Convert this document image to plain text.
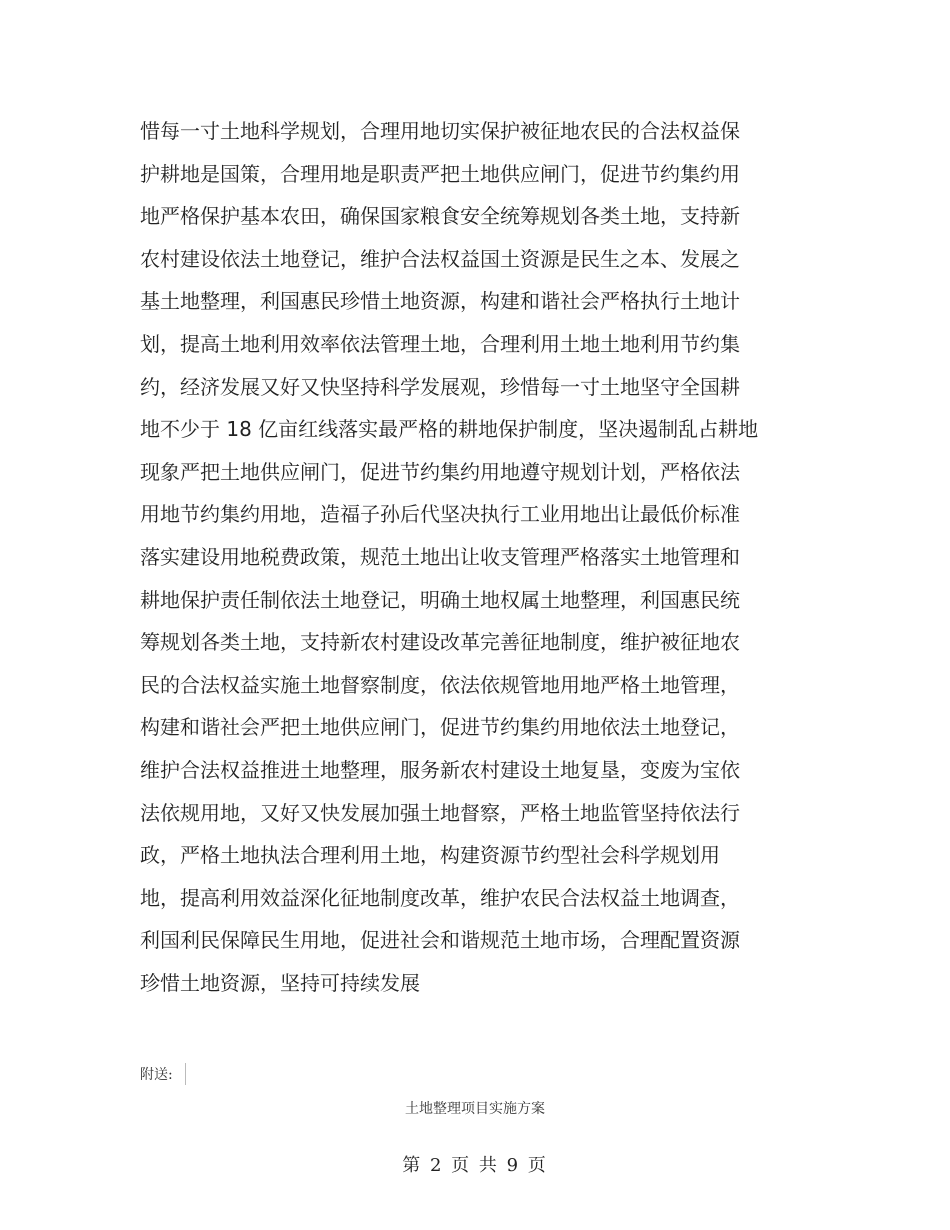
惜每一寸土地科学规划，合理用地切实保护被征地农民的合法权益保
护耕地是国策，合理用地是职责严把土地供应闸门，促进节约集约用
地严格保护基本农田，确保国家粮食安全统筹规划各类土地，支持新
农村建设依法土地登记，维护合法权益国土资源是民生之本、发展之
基土地整理，利国惠民珍惜土地资源，构建和谐社会严格执行土地计
划，提高土地利用效率依法管理土地，合理利用土地土地利用节约集
约，经济发展又好又快坚持科学发展观，珍惜每一寸土地坚守全国耕
地不少于 18 亿亩红线落实最严格的耕地保护制度，坚决遏制乱占耕地
现象严把土地供应闸门，促进节约集约用地遵守规划计划，严格依法
用地节约集约用地，造福子孙后代坚决执行工业用地出让最低价标准
落实建设用地税费政策，规范土地出让收支管理严格落实土地管理和
耕地保护责任制依法土地登记，明确土地权属土地整理，利国惠民统
筹规划各类土地，支持新农村建设改革完善征地制度，维护被征地农
民的合法权益实施土地督察制度，依法依规管地用地严格土地管理，
构建和谐社会严把土地供应闸门，促进节约集约用地依法土地登记，
维护合法权益推进土地整理，服务新农村建设土地复垦，变废为宝依
法依规用地，又好又快发展加强土地督察，严格土地监管坚持依法行
政，严格土地执法合理利用土地，构建资源节约型社会科学规划用
地，提高利用效益深化征地制度改革，维护农民合法权益土地调查，
利国利民保障民生用地，促进社会和谐规范土地市场，合理配置资源
珍惜土地资源，坚持可持续发展
附送:
土地整理项目实施方案
第 2 页 共 9 页
